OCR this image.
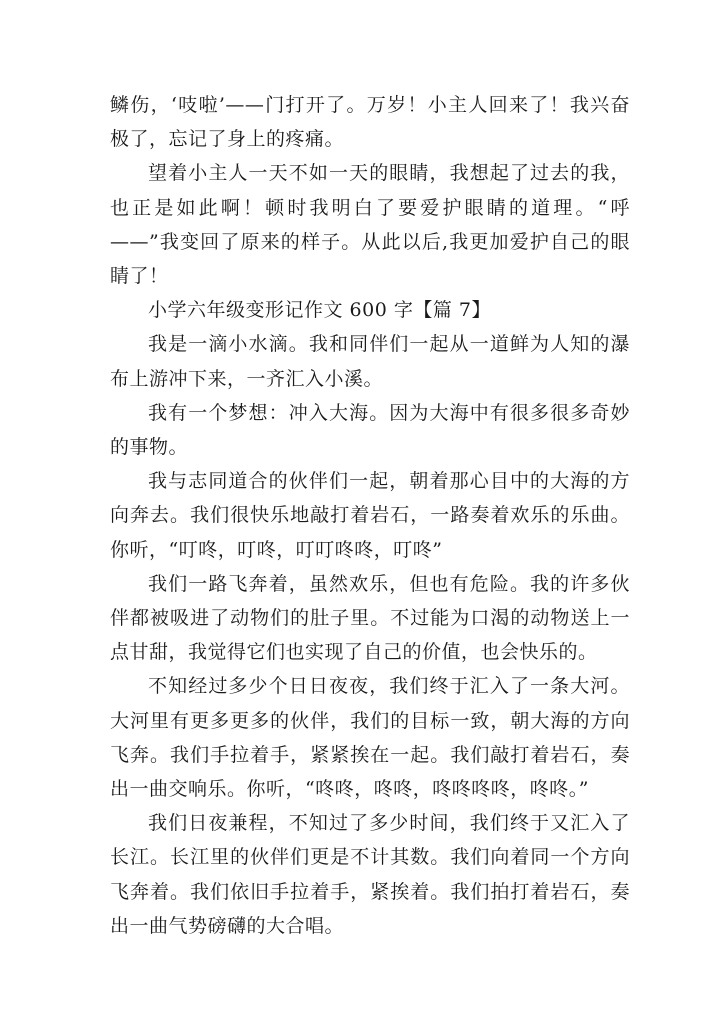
鳞伤，‘吱啦’——门打开了。万岁！小主人回来了！我兴奋极了，忘记了身上的疼痛。

望着小主人一天不如一天的眼睛，我想起了过去的我，也正是如此啊！顿时我明白了要爱护眼睛的道理。“呼——”我变回了原来的样子。从此以后,我更加爱护自己的眼睛了！

小学六年级变形记作文 600 字【篇 7】

我是一滴小水滴。我和同伴们一起从一道鲜为人知的瀑布上游冲下来，一齐汇入小溪。

我有一个梦想：冲入大海。因为大海中有很多很多奇妙的事物。

我与志同道合的伙伴们一起，朝着那心目中的大海的方向奔去。我们很快乐地敲打着岩石，一路奏着欢乐的乐曲。你听，“叮咚，叮咚，叮叮咚咚，叮咚”

我们一路飞奔着，虽然欢乐，但也有危险。我的许多伙伴都被吸进了动物们的肚子里。不过能为口渴的动物送上一点甘甜，我觉得它们也实现了自己的价值，也会快乐的。

不知经过多少个日日夜夜，我们终于汇入了一条大河。大河里有更多更多的伙伴，我们的目标一致，朝大海的方向飞奔。我们手拉着手，紧紧挨在一起。我们敲打着岩石，奏出一曲交响乐。你听，“咚咚，咚咚，咚咚咚咚，咚咚。”

我们日夜兼程，不知过了多少时间，我们终于又汇入了长江。长江里的伙伴们更是不计其数。我们向着同一个方向飞奔着。我们依旧手拉着手，紧挨着。我们拍打着岩石，奏出一曲气势磅礴的大合唱。
